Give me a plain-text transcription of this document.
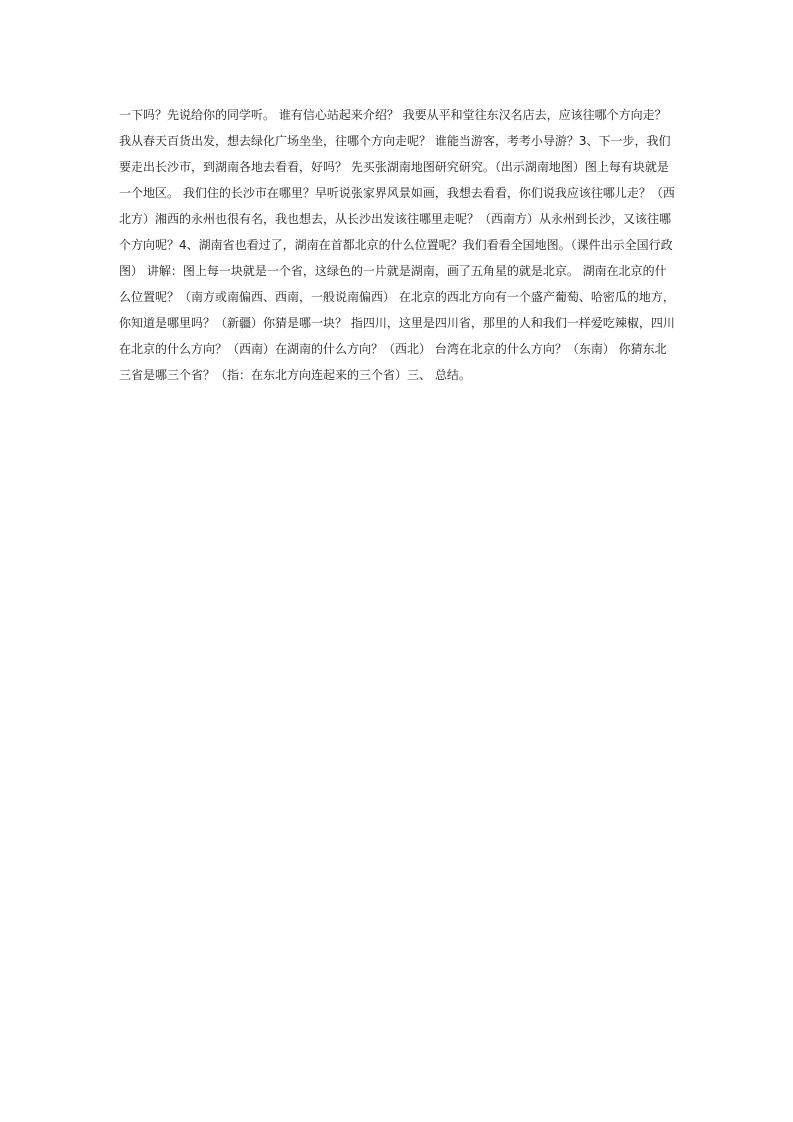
一下吗？先说给你的同学听。 谁有信心站起来介绍？ 我要从平和堂往东汉名店去，应该往哪个方向走？
我从春天百货出发，想去绿化广场坐坐，往哪个方向走呢？ 谁能当游客，考考小导游？3、下一步，我们
要走出长沙市，到湖南各地去看看，好吗？ 先买张湖南地图研究研究。（出示湖南地图）图上每有块就是
一个地区。 我们住的长沙市在哪里？早听说张家界风景如画，我想去看看，你们说我应该往哪儿走？（西
北方）湘西的永州也很有名，我也想去，从长沙出发该往哪里走呢？（西南方）从永州到长沙，又该往哪
个方向呢？4、湖南省也看过了，湖南在首都北京的什么位置呢？我们看看全国地图。（课件出示全国行政
图） 讲解：图上每一块就是一个省，这绿色的一片就是湖南，画了五角星的就是北京。 湖南在北京的什
么位置呢？（南方或南偏西、西南，一般说南偏西） 在北京的西北方向有一个盛产葡萄、哈密瓜的地方，
你知道是哪里吗？（新疆）你猜是哪一块？ 指四川，这里是四川省，那里的人和我们一样爱吃辣椒，四川
在北京的什么方向？（西南）在湖南的什么方向？（西北） 台湾在北京的什么方向？（东南） 你猜东北
三省是哪三个省？（指：在东北方向连起来的三个省）三、 总结。
